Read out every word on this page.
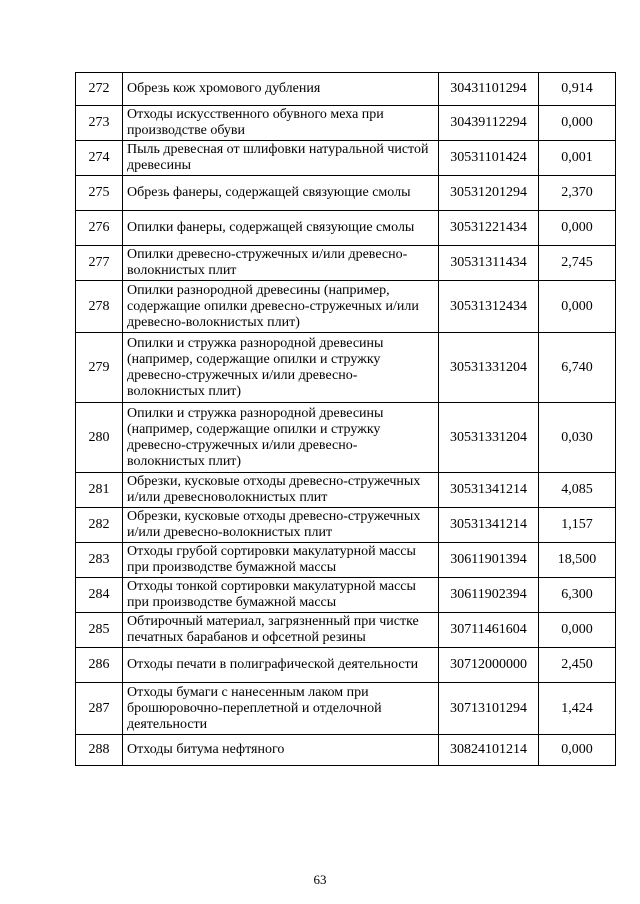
272	Обрезь кож хромового дубления	30431101294	0,914
273	Отходы искусственного обувного меха при производстве обуви	30439112294	0,000
274	Пыль древесная от шлифовки натуральной чистой древесины	30531101424	0,001
275	Обрезь фанеры, содержащей связующие смолы	30531201294	2,370
276	Опилки фанеры, содержащей связующие смолы	30531221434	0,000
277	Опилки древесно-стружечных и/или древесно-волокнистых плит	30531311434	2,745
278	Опилки разнородной древесины (например, содержащие опилки древесно-стружечных и/или древесно-волокнистых плит)	30531312434	0,000
279	Опилки и стружка разнородной древесины (например, содержащие опилки и стружку древесно-стружечных и/или древесно-волокнистых плит)	30531331204	6,740
280	Опилки и стружка разнородной древесины (например, содержащие опилки и стружку древесно-стружечных и/или древесно-волокнистых плит)	30531331204	0,030
281	Обрезки, кусковые отходы древесно-стружечных и/или древесноволокнистых плит	30531341214	4,085
282	Обрезки, кусковые отходы древесно-стружечных и/или древесно-волокнистых плит	30531341214	1,157
283	Отходы грубой сортировки макулатурной массы при производстве бумажной массы	30611901394	18,500
284	Отходы тонкой сортировки макулатурной массы при производстве бумажной массы	30611902394	6,300
285	Обтирочный материал, загрязненный при чистке печатных барабанов и офсетной резины	30711461604	0,000
286	Отходы печати в полиграфической деятельности	30712000000	2,450
287	Отходы бумаги с нанесенным лаком при брошюровочно-переплетной и отделочной деятельности	30713101294	1,424
288	Отходы битума нефтяного	30824101214	0,000
63
